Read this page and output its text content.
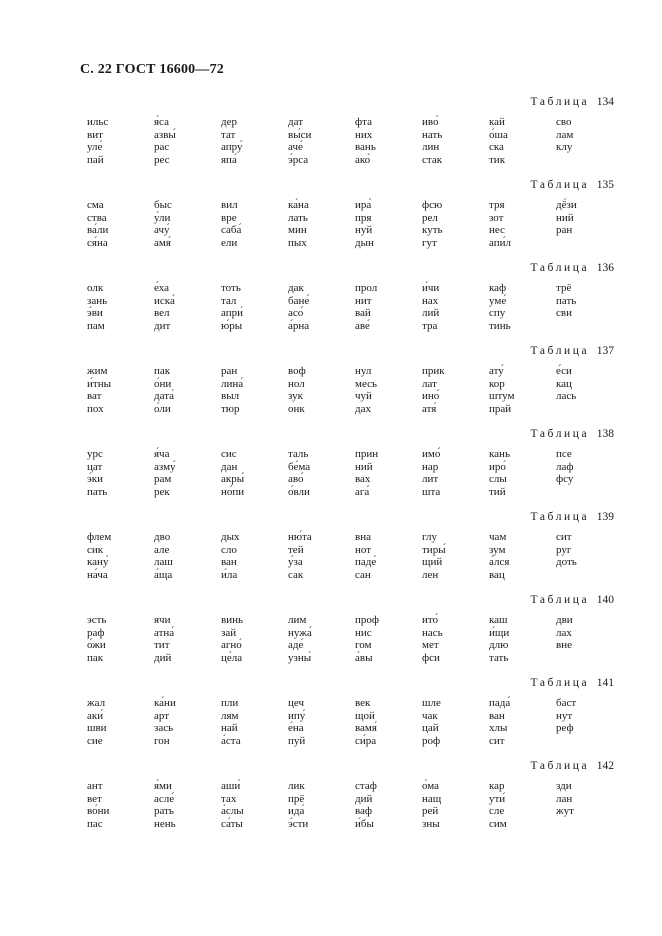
С. 22 ГОСТ 16600—72
Таблица 134
ильс	я́са	дер	дат	фта	иво́	кай	сво
вит	азвы́	тат	вы́си	них	нать	о́ша	лам
уле́	рас	апру́	аче́	вань	лин	ска	клу
пай	рес	япа́	э́рса	ако́	стак	тик
Таблица 135
сма	быс	вил	ка́на	ира́	фсю	тря	дё́зи
ства	у́ли	вре	лать	пря	рел	зот	ний
ва́ли	ачу́	саба́	мин	нуй	куть	нес	ран
ся́на	амя́	ели	пых	дын	гут	апи́л
Таблица 136
олк	е́ха	тоть	дак	прол	и́чи	каф	трё
зань	иска́	тал	бане́	нит	нах	уме́	пать
э́ви	вел	апри́	асо́	вай	лий	спу	сви
пам	дит	ю́ры	а́рна	аве́	тра	тинь
Таблица 137
жим	пак	ран	воф	нул	прик	ату́	е́си
и́тны	о́ни	лина́	нол	месь	лат	кор	кац
ват	дата́	выл	зук	чуй	ино́	штум	лась
пох	о́ли	тюр	онк	дах	атя́	прай
Таблица 138
урс	я́ча	сис	таль	прин	имо́	кань	псе
цат	азму́	дан	бе́ма	ний	нар	иро́	лаф
э́ки	рам	акры́	аво́	вах	лит	слы	фсу
пать	рек	но́пи	о́вли	ага́	шта	тий
Таблица 139
флем	дво	дых	ню́та	вна	глу	чам	сит
сик	але	сло	тей	нот	тиры́	зум	руг
кану́	лаш	ван	у́за	паде́	щий	а́лся	доть
на́ча	а́ща	и́ла	сак	сан	лен	вац
Таблица 140
эсть	ячи	винь	лим	проф	ито́	каш	дви
раф	атна́	зай	нужа́	нис	нась	и́щи	лах
о́жи	тит	агно́	аде́	гом	мет	длю	вне
пак	дий	це́ла	узны́	а́вы	фси	тать
Таблица 141
жал	ка́ни	пли	цеч	век	шле	пада́	баст
аки́	арт	лям	ипу́	щой	чак	ван	нут
шви	зась	най	е́на	вамя́	цай	хлы	реф
сие	гон	а́ста	пуй	си́ра	роф	сит
Таблица 142
ант	я́ми	аши́	лик	стаф	о́ма	кар	зди
вет	асле́	тах	прё	дий	нащ	ути́	лан
во́ни	рать	а́слы	ида́	ваф	рей	сле	жут
пас	нень	са́ты	э́сти	и́бы	зны	сим
